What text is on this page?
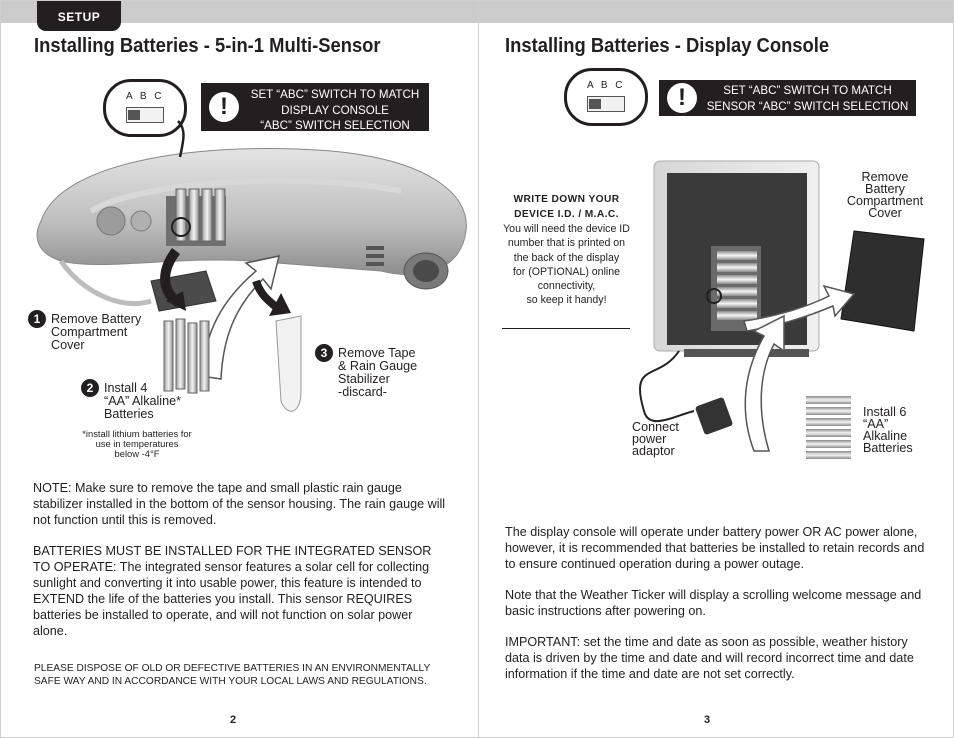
SETUP
Installing Batteries - 5-in-1 Multi-Sensor
A B C	!	SET “ABC” SWITCH TO MATCH
DISPLAY CONSOLE
“ABC” SWITCH SELECTION
1 Remove Battery
Compartment
Cover
2 Install 4
“AA” Alkaline*
Batteries
*install lithium batteries for
use in temperatures
below -4°F
3 Remove Tape
& Rain Gauge
Stabilizer
-discard-

NOTE: Make sure to remove the tape and small plastic rain gauge stabilizer installed in the bottom of the sensor housing. The rain gauge will not function until this is removed.

BATTERIES MUST BE INSTALLED FOR THE INTEGRATED SENSOR TO OPERATE: The integrated sensor features a solar cell for collecting sunlight and converting it into usable power, this feature is intended to EXTEND the life of the batteries you install. This sensor REQUIRES batteries be installed to operate, and will not function on solar power alone.

PLEASE DISPOSE OF OLD OR DEFECTIVE BATTERIES IN AN ENVIRONMENTALLY SAFE WAY AND IN ACCORDANCE WITH YOUR LOCAL LAWS AND REGULATIONS.
2
Installing Batteries - Display Console
A B C	!	SET “ABC” SWITCH TO MATCH
SENSOR “ABC” SWITCH SELECTION
WRITE DOWN YOUR
DEVICE I.D. / M.A.C.
You will need the device ID
number that is printed on
the back of the display
for (OPTIONAL) online
connectivity,
so keep it handy!
Remove
Battery
Compartment
Cover
Connect
power
adaptor
Install 6
“AA”
Alkaline
Batteries

The display console will operate under battery power OR AC power alone, however, it is recommended that batteries be installed to retain records and to ensure continued operation during a power outage.

Note that the Weather Ticker will display a scrolling welcome message and basic instructions after powering on.

IMPORTANT: set the time and date as soon as possible, weather history data is driven by the time and date and will record incorrect time and date information if the time and date are not set correctly.

3
